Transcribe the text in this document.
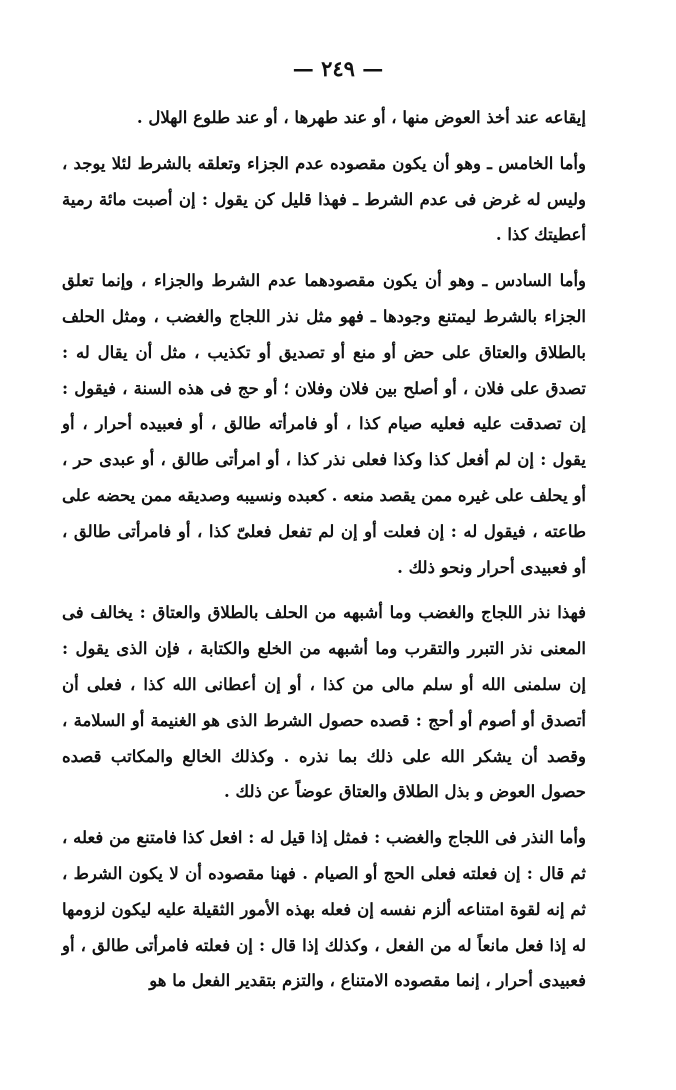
— ٢٤٩ —

إيقاعه عند أخذ العوض منها ، أو عند طهرها ، أو عند طلوع الهلال .

وأما الخامس ـ وهو أن يكون مقصوده عدم الجزاء وتعلقه بالشرط لئلا يوجد ، وليس له غرض فى عدم الشرط ـ فهذا قليل كن يقول : إن أصبت مائة رمية أعطيتك كذا .

وأما السادس ـ وهو أن يكون مقصودهما عدم الشرط والجزاء ، وإنما تعلق الجزاء بالشرط ليمتنع وجودها ـ فهو مثل نذر اللجاج والغضب ، ومثل الحلف بالطلاق والعتاق على حض أو منع أو تصديق أو تكذيب ، مثل أن يقال له : تصدق على فلان ، أو أصلح بين فلان وفلان ؛ أو حج فى هذه السنة ، فيقول : إن تصدقت عليه فعليه صيام كذا ، أو فامرأته طالق ، أو فعبيده أحرار ، أو يقول : إن لم أفعل كذا وكذا فعلى نذر كذا ، أو امرأتى طالق ، أو عبدى حر ، أو يحلف على غيره ممن يقصد منعه . كعبده ونسيبه وصديقه ممن يحضه على طاعته ، فيقول له : إن فعلت أو إن لم تفعل فعلىّ كذا ، أو فامرأتى طالق ، أو فعبيدى أحرار ونحو ذلك .

فهذا نذر اللجاج والغضب وما أشبهه من الحلف بالطلاق والعتاق : يخالف فى المعنى نذر التبرر والتقرب وما أشبهه من الخلع والكتابة ، فإن الذى يقول : إن سلمنى الله أو سلم مالى من كذا ، أو إن أعطانى الله كذا ، فعلى أن أتصدق أو أصوم أو أحج : قصده حصول الشرط الذى هو الغنيمة أو السلامة ، وقصد أن يشكر الله على ذلك بما نذره . وكذلك الخالع والمكاتب قصده حصول العوض و بذل الطلاق والعتاق عوضاً عن ذلك .

وأما النذر فى اللجاج والغضب : فمثل إذا قيل له : افعل كذا فامتنع من فعله ، ثم قال : إن فعلته فعلى الحج أو الصيام . فهنا مقصوده أن لا يكون الشرط ، ثم إنه لقوة امتناعه ألزم نفسه إن فعله بهذه الأمور الثقيلة عليه ليكون لزومها له إذا فعل مانعاً له من الفعل ، وكذلك إذا قال : إن فعلته فامرأتى طالق ، أو فعبيدى أحرار ، إنما مقصوده الامتناع ، والتزم بتقدير الفعل ما هو
